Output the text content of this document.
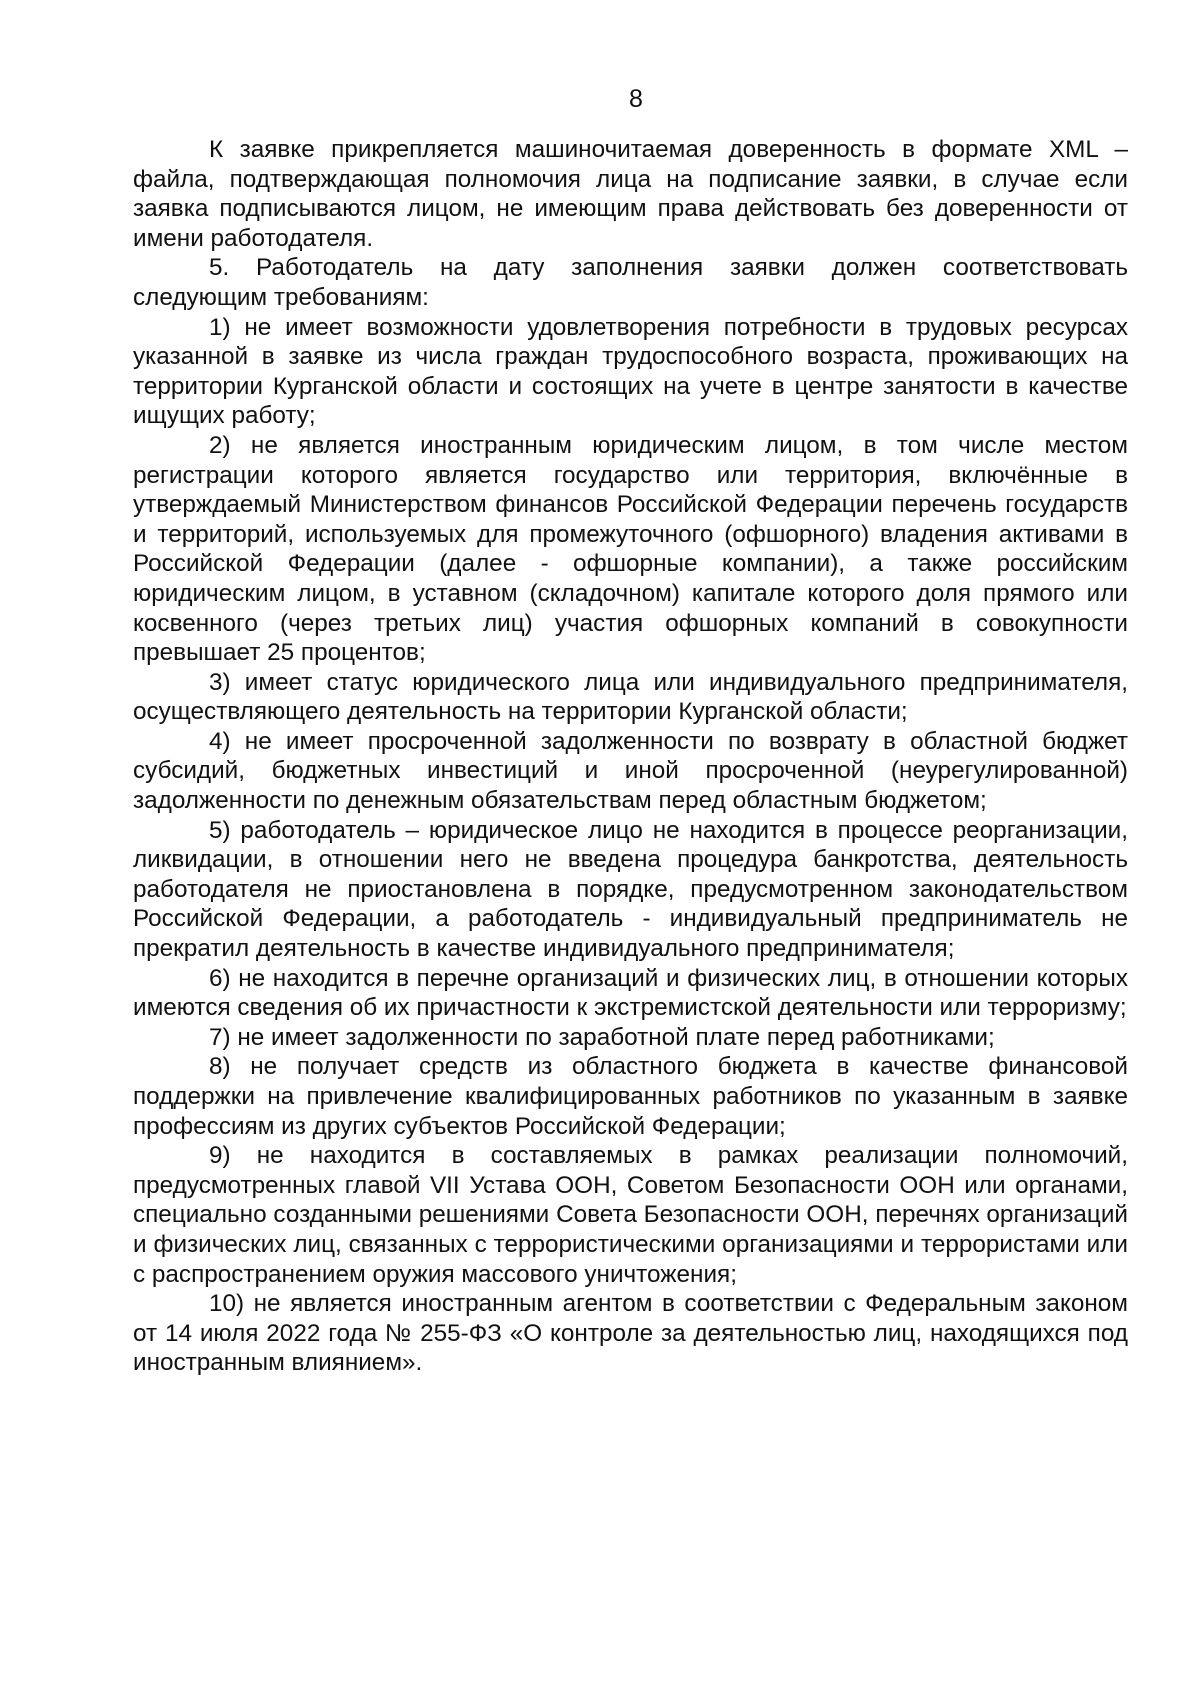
8

К заявке прикрепляется машиночитаемая доверенность в формате XML – файла, подтверждающая полномочия лица на подписание заявки, в случае если заявка подписываются лицом, не имеющим права действовать без доверенности от имени работодателя.

5. Работодатель на дату заполнения заявки должен соответствовать следующим требованиям:

1) не имеет возможности удовлетворения потребности в трудовых ресурсах указанной в заявке из числа граждан трудоспособного возраста, проживающих на территории Курганской области и состоящих на учете в центре занятости в качестве ищущих работу;

2) не является иностранным юридическим лицом, в том числе местом регистрации которого является государство или территория, включённые в утверждаемый Министерством финансов Российской Федерации перечень государств и территорий, используемых для промежуточного (офшорного) владения активами в Российской Федерации (далее - офшорные компании), а также российским юридическим лицом, в уставном (складочном) капитале которого доля прямого или косвенного (через третьих лиц) участия офшорных компаний в совокупности превышает 25 процентов;

3) имеет статус юридического лица или индивидуального предпринимателя, осуществляющего деятельность на территории Курганской области;

4) не имеет просроченной задолженности по возврату в областной бюджет субсидий, бюджетных инвестиций и иной просроченной (неурегулированной) задолженности по денежным обязательствам перед областным бюджетом;

5) работодатель – юридическое лицо не находится в процессе реорганизации, ликвидации, в отношении него не введена процедура банкротства, деятельность работодателя не приостановлена в порядке, предусмотренном законодательством Российской Федерации, а работодатель - индивидуальный предприниматель не прекратил деятельность в качестве индивидуального предпринимателя;

6) не находится в перечне организаций и физических лиц, в отношении которых имеются сведения об их причастности к экстремистской деятельности или терроризму;

7) не имеет задолженности по заработной плате перед работниками;

8) не получает средств из областного бюджета в качестве финансовой поддержки на привлечение квалифицированных работников по указанным в заявке профессиям из других субъектов Российской Федерации;

9) не находится в составляемых в рамках реализации полномочий, предусмотренных главой VII Устава ООН, Советом Безопасности ООН или органами, специально созданными решениями Совета Безопасности ООН, перечнях организаций и физических лиц, связанных с террористическими организациями и террористами или с распространением оружия массового уничтожения;

10) не является иностранным агентом в соответствии с Федеральным законом от 14 июля 2022 года № 255-ФЗ «О контроле за деятельностью лиц, находящихся под иностранным влиянием».
